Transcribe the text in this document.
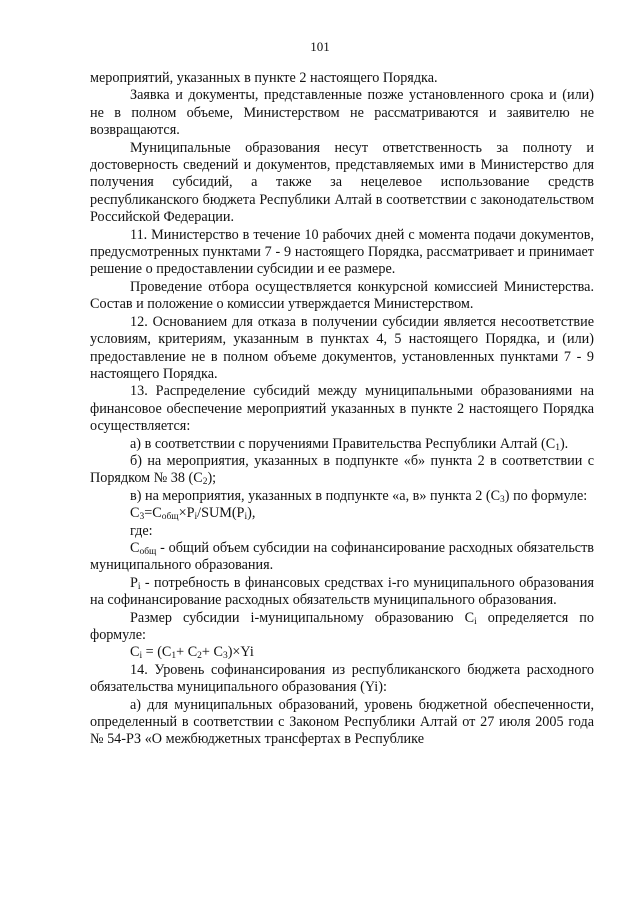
101

мероприятий, указанных в пункте 2 настоящего Порядка.

Заявка и документы, представленные позже установленного срока и (или) не в полном объеме, Министерством не рассматриваются и заявителю не возвращаются.

Муниципальные образования несут ответственность за полноту и достоверность сведений и документов, представляемых ими в Министерство для получения субсидий, а также за нецелевое использование средств республиканского бюджета Республики Алтай в соответствии с законодательством Российской Федерации.

11. Министерство в течение 10 рабочих дней с момента подачи документов, предусмотренных пунктами 7 - 9 настоящего Порядка, рассматривает и принимает решение о предоставлении субсидии и ее размере.

Проведение отбора осуществляется конкурсной комиссией Министерства. Состав и положение о комиссии утверждается Министерством.

12. Основанием для отказа в получении субсидии является несоответствие условиям, критериям, указанным в пунктах 4, 5 настоящего Порядка, и (или) предоставление не в полном объеме документов, установленных пунктами 7 - 9 настоящего Порядка.

13. Распределение субсидий между муниципальными образованиями на финансовое обеспечение мероприятий указанных в пункте 2 настоящего Порядка осуществляется:

а) в соответствии с поручениями Правительства Республики Алтай $(С_1)$.

б) на мероприятия, указанных в подпункте «б» пункта 2 в соответствии с Порядком № 38 $(С_2)$;

в) на мероприятия, указанных в подпункте «а, в» пункта 2 $(С_3)$ по формуле:

$С_3=С_{общ}\times Р_i/SUM(Р_i)$,

где:

$С_{общ}$ - общий объем субсидии на софинансирование расходных обязательств муниципального образования.

$Р_i$ - потребность в финансовых средствах i-го муниципального образования на софинансирование расходных обязательств муниципального образования.

Размер субсидии i-муниципальному образованию $С_i$ определяется по формуле:

$С_i = (С_1+ С_2+ С_3)\times Yi$

14. Уровень софинансирования из республиканского бюджета расходного обязательства муниципального образования (Yi):

а) для муниципальных образований, уровень бюджетной обеспеченности, определенный в соответствии с Законом Республики Алтай от 27 июля 2005 года № 54-РЗ «О межбюджетных трансфертах в Республике
